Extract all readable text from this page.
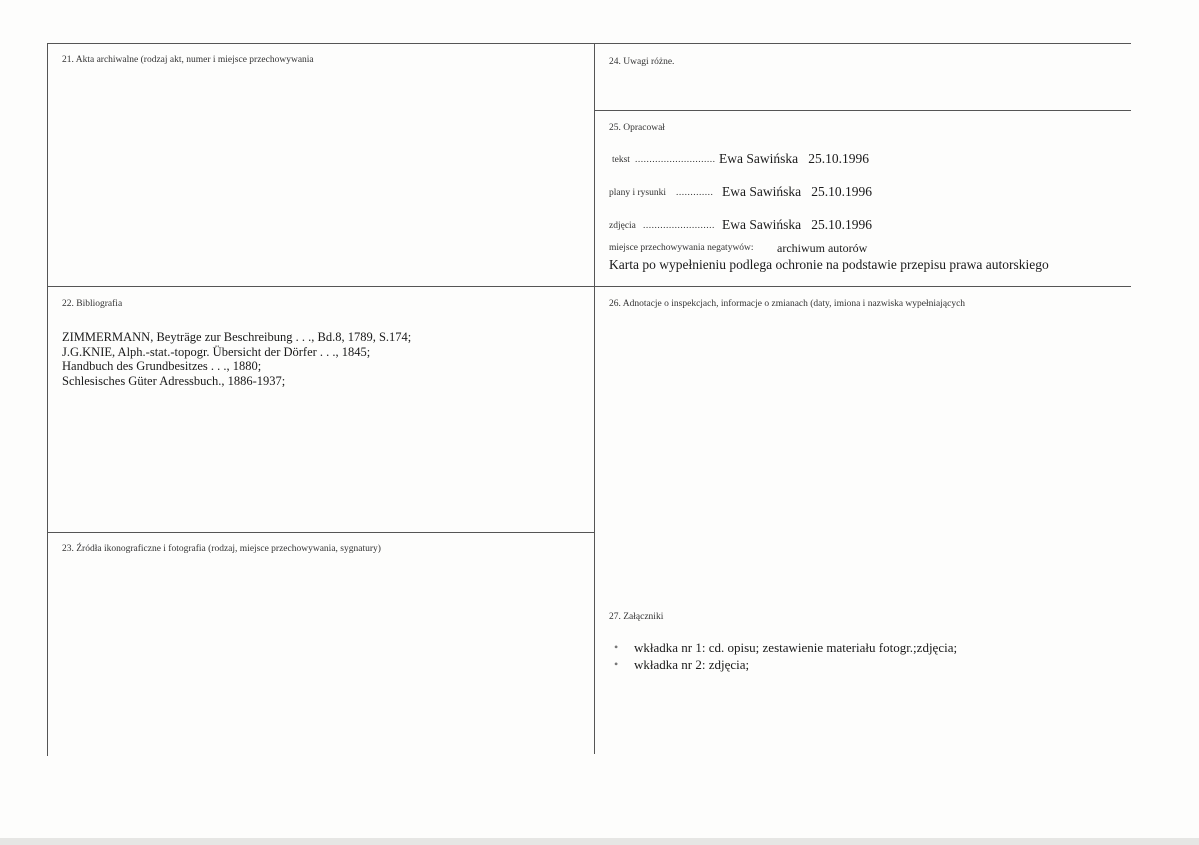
21. Akta archiwalne (rodzaj akt, numer i miejsce przechowywania	24. Uwagi różne.
25. Opracował
tekst ............................ Ewa Sawińska   25.10.1996
plany i rysunki ............. Ewa Sawińska   25.10.1996
zdjęcia ......................... Ewa Sawińska   25.10.1996
miejsce przechowywania negatywów: archiwum autorów
Karta po wypełnieniu podlega ochronie na podstawie przepisu prawa autorskiego
22. Bibliografia
ZIMMERMANN, Beyträge zur Beschreibung . . ., Bd.8, 1789, S.174;
J.G.KNIE, Alph.-stat.-topogr. Übersicht der Dörfer . . ., 1845;
Handbuch des Grundbesitzes . . ., 1880;
Schlesisches Güter Adressbuch., 1886-1937;
26. Adnotacje o inspekcjach, informacje o zmianach (daty, imiona i nazwiska wypełniających
23. Źródła ikonograficzne i fotografia (rodzaj, miejsce przechowywania, sygnatury)
27. Załączniki
• wkładka nr 1: cd. opisu; zestawienie materiału fotogr.;zdjęcia;
• wkładka nr 2: zdjęcia;
